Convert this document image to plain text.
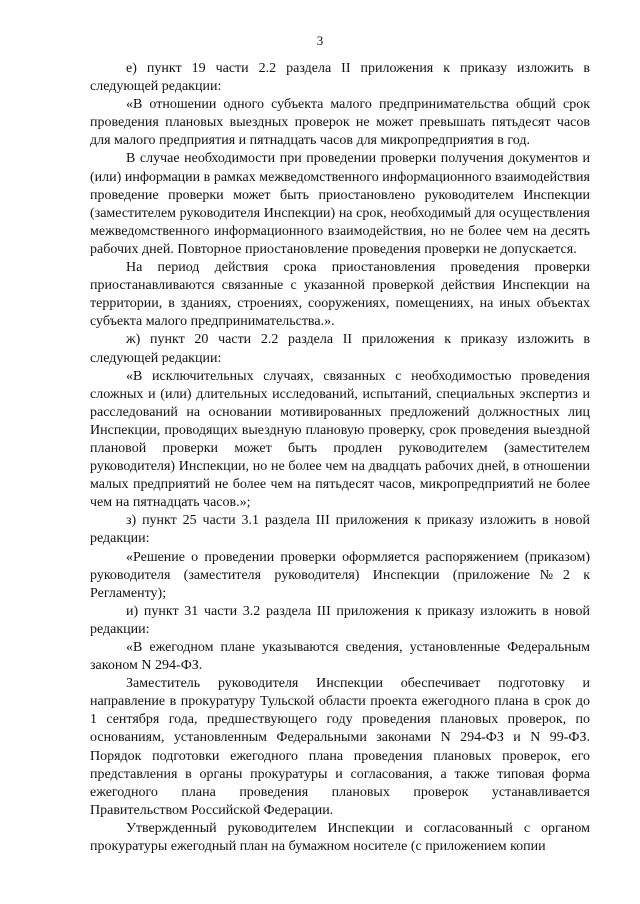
3

е) пункт 19 части 2.2 раздела II приложения к приказу изложить в следующей редакции:

«В отношении одного субъекта малого предпринимательства общий срок проведения плановых выездных проверок не может превышать пятьдесят часов для малого предприятия и пятнадцать часов для микропредприятия в год.

В случае необходимости при проведении проверки получения документов и (или) информации в рамках межведомственного информационного взаимодействия проведение проверки может быть приостановлено руководителем Инспекции (заместителем руководителя Инспекции) на срок, необходимый для осуществления межведомственного информационного взаимодействия, но не более чем на десять рабочих дней. Повторное приостановление проведения проверки не допускается.

На период действия срока приостановления проведения проверки приостанавливаются связанные с указанной проверкой действия Инспекции на территории, в зданиях, строениях, сооружениях, помещениях, на иных объектах субъекта малого предпринимательства.».

ж) пункт 20 части 2.2 раздела II приложения к приказу изложить в следующей редакции:

«В исключительных случаях, связанных с необходимостью проведения сложных и (или) длительных исследований, испытаний, специальных экспертиз и расследований на основании мотивированных предложений должностных лиц Инспекции, проводящих выездную плановую проверку, срок проведения выездной плановой проверки может быть продлен руководителем (заместителем руководителя) Инспекции, но не более чем на двадцать рабочих дней, в отношении малых предприятий не более чем на пятьдесят часов, микропредприятий не более чем на пятнадцать часов.»;

з) пункт 25 части 3.1 раздела III приложения к приказу изложить в новой редакции:

«Решение о проведении проверки оформляется распоряжением (приказом) руководителя (заместителя руководителя) Инспекции (приложение№2 к Регламенту);

и) пункт 31 части 3.2 раздела III приложения к приказу изложить в новой редакции:

«В ежегодном плане указываются сведения, установленные Федеральным законом N 294-ФЗ.

Заместитель руководителя Инспекции обеспечивает подготовку и направление в прокуратуру Тульской области проекта ежегодного плана в срок до 1 сентября года, предшествующего году проведения плановых проверок, по основаниям, установленным Федеральными законами N 294-ФЗ и N 99-ФЗ. Порядок подготовки ежегодного плана проведения плановых проверок, его представления в органы прокуратуры и согласования, а также типовая форма ежегодного плана проведения плановых проверок устанавливается Правительством Российской Федерации.

Утвержденный руководителем Инспекции и согласованный с органом прокуратуры ежегодный план на бумажном носителе (с приложением копии
